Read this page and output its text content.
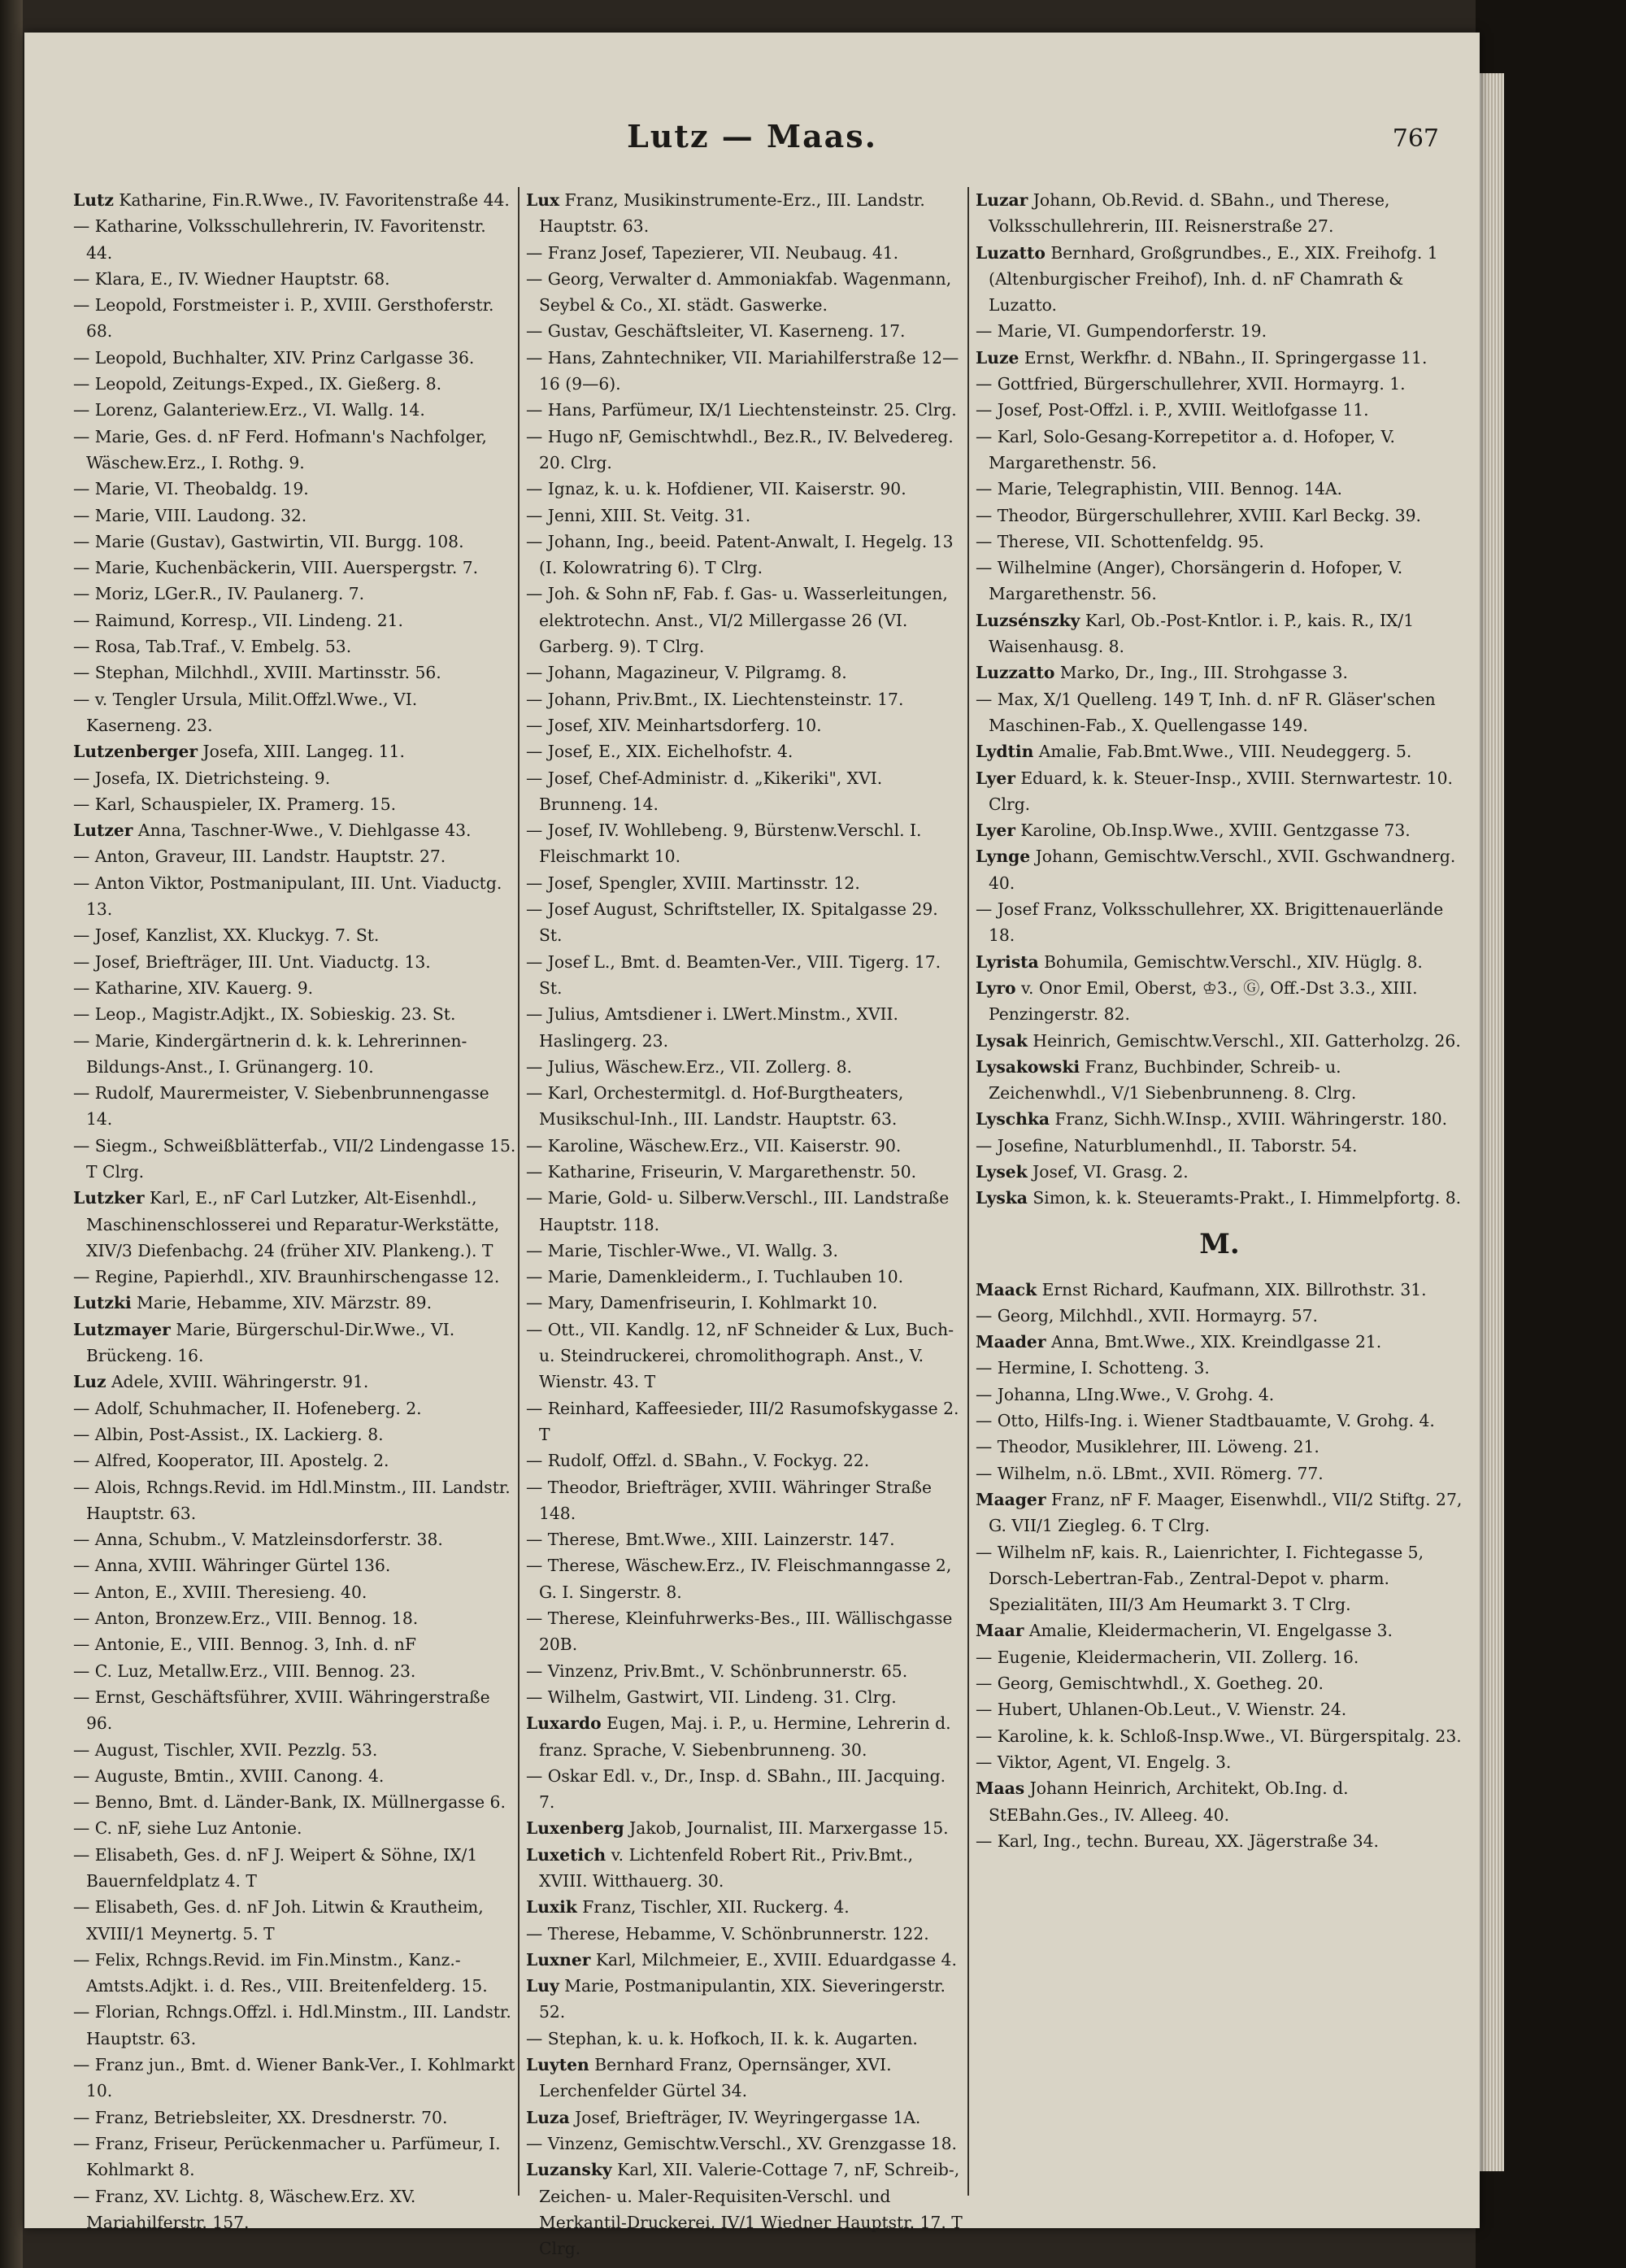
Lutz — Maas.	767

Lutz Katharine, Fin.R.Wwe., IV. Favoritenstraße 44.

— Katharine, Volksschullehrerin, IV. Favoritenstr. 44.

— Klara, E., IV. Wiedner Hauptstr. 68.

— Leopold, Forstmeister i. P., XVIII. Gersthoferstr. 68.

— Leopold, Buchhalter, XIV. Prinz Carlgasse 36.

— Leopold, Zeitungs-Exped., IX. Gießerg. 8.

— Lorenz, Galanteriew.Erz., VI. Wallg. 14.

— Marie, Ges. d. nF Ferd. Hofmann's Nachfolger, Wäschew.Erz., I. Rothg. 9.

— Marie, VI. Theobaldg. 19.

— Marie, VIII. Laudong. 32.

— Marie (Gustav), Gastwirtin, VII. Burgg. 108.

— Marie, Kuchenbäckerin, VIII. Auerspergstr. 7.

— Moriz, LGer.R., IV. Paulanerg. 7.

— Raimund, Korresp., VII. Lindeng. 21.

— Rosa, Tab.Traf., V. Embelg. 53.

— Stephan, Milchhdl., XVIII. Martinsstr. 56.

— v. Tengler Ursula, Milit.Offzl.Wwe., VI. Kaserneng. 23.

Lutzenberger Josefa, XIII. Langeg. 11.

— Josefa, IX. Dietrichsteing. 9.

— Karl, Schauspieler, IX. Pramerg. 15.

Lutzer Anna, Taschner-Wwe., V. Diehlgasse 43.

— Anton, Graveur, III. Landstr. Hauptstr. 27.

— Anton Viktor, Postmanipulant, III. Unt. Viaductg. 13.

— Josef, Kanzlist, XX. Kluckyg. 7. St.

— Josef, Briefträger, III. Unt. Viaductg. 13.

— Katharine, XIV. Kauerg. 9.

— Leop., Magistr.Adjkt., IX. Sobieskig. 23. St.

— Marie, Kindergärtnerin d. k. k. Lehrerinnen-Bildungs-Anst., I. Grünangerg. 10.

— Rudolf, Maurermeister, V. Siebenbrunnengasse 14.

— Siegm., Schweißblätterfab., VII/2 Lindengasse 15. T Clrg.

Lutzker Karl, E., nF Carl Lutzker, Alt-Eisenhdl., Maschinenschlosserei und Reparatur-Werkstätte, XIV/3 Diefenbachg. 24 (früher XIV. Plankeng.). T

— Regine, Papierhdl., XIV. Braunhirschengasse 12.

Lutzki Marie, Hebamme, XIV. Märzstr. 89.

Lutzmayer Marie, Bürgerschul-Dir.Wwe., VI. Brückeng. 16.

Luz Adele, XVIII. Währingerstr. 91.

— Adolf, Schuhmacher, II. Hofeneberg. 2.

— Albin, Post-Assist., IX. Lackierg. 8.

— Alfred, Kooperator, III. Apostelg. 2.

— Alois, Rchngs.Revid. im Hdl.Minstm., III. Landstr. Hauptstr. 63.

— Anna, Schubm., V. Matzleinsdorferstr. 38.

— Anna, XVIII. Währinger Gürtel 136.

— Anton, E., XVIII. Theresieng. 40.

— Anton, Bronzew.Erz., VIII. Bennog. 18.

— Antonie, E., VIII. Bennog. 3, Inh. d. nF

— C. Luz, Metallw.Erz., VIII. Bennog. 23.

— Ernst, Geschäftsführer, XVIII. Währingerstraße 96.

— August, Tischler, XVII. Pezzlg. 53.

— Auguste, Bmtin., XVIII. Canong. 4.

— Benno, Bmt. d. Länder-Bank, IX. Müllnergasse 6.

— C. nF, siehe Luz Antonie.

— Elisabeth, Ges. d. nF J. Weipert & Söhne, IX/1 Bauernfeldplatz 4. T

— Elisabeth, Ges. d. nF Joh. Litwin & Krautheim, XVIII/1 Meynertg. 5. T

— Felix, Rchngs.Revid. im Fin.Minstm., Kanz.-Amtsts.Adjkt. i. d. Res., VIII. Breitenfelderg. 15.

— Florian, Rchngs.Offzl. i. Hdl.Minstm., III. Landstr. Hauptstr. 63.

— Franz jun., Bmt. d. Wiener Bank-Ver., I. Kohlmarkt 10.

— Franz, Betriebsleiter, XX. Dresdnerstr. 70.

— Franz, Friseur, Perückenmacher u. Parfümeur, I. Kohlmarkt 8.

— Franz, XV. Lichtg. 8, Wäschew.Erz. XV. Mariahilferstr. 157.

Lux Franz, Musikinstrumente-Erz., III. Landstr. Hauptstr. 63.

— Franz Josef, Tapezierer, VII. Neubaug. 41.

— Georg, Verwalter d. Ammoniakfab. Wagenmann, Seybel & Co., XI. städt. Gaswerke.

— Gustav, Geschäftsleiter, VI. Kaserneng. 17.

— Hans, Zahntechniker, VII. Mariahilferstraße 12—16 (9—6).

— Hans, Parfümeur, IX/1 Liechtensteinstr. 25. Clrg.

— Hugo nF, Gemischtwhdl., Bez.R., IV. Belvedereg. 20. Clrg.

— Ignaz, k. u. k. Hofdiener, VII. Kaiserstr. 90.

— Jenni, XIII. St. Veitg. 31.

— Johann, Ing., beeid. Patent-Anwalt, I. Hegelg. 13 (I. Kolowratring 6). T Clrg.

— Joh. & Sohn nF, Fab. f. Gas- u. Wasserleitungen, elektrotechn. Anst., VI/2 Millergasse 26 (VI. Garberg. 9). T Clrg.

— Johann, Magazineur, V. Pilgramg. 8.

— Johann, Priv.Bmt., IX. Liechtensteinstr. 17.

— Josef, XIV. Meinhartsdorferg. 10.

— Josef, E., XIX. Eichelhofstr. 4.

— Josef, Chef-Administr. d. „Kikeriki", XVI. Brunneng. 14.

— Josef, IV. Wohllebeng. 9, Bürstenw.Verschl. I. Fleischmarkt 10.

— Josef, Spengler, XVIII. Martinsstr. 12.

— Josef August, Schriftsteller, IX. Spitalgasse 29. St.

— Josef L., Bmt. d. Beamten-Ver., VIII. Tigerg. 17. St.

— Julius, Amtsdiener i. LWert.Minstm., XVII. Haslingerg. 23.

— Julius, Wäschew.Erz., VII. Zollerg. 8.

— Karl, Orchestermitgl. d. Hof-Burgtheaters, Musikschul-Inh., III. Landstr. Hauptstr. 63.

— Karoline, Wäschew.Erz., VII. Kaiserstr. 90.

— Katharine, Friseurin, V. Margarethenstr. 50.

— Marie, Gold- u. Silberw.Verschl., III. Landstraße Hauptstr. 118.

— Marie, Tischler-Wwe., VI. Wallg. 3.

— Marie, Damenkleiderm., I. Tuchlauben 10.

— Mary, Damenfriseurin, I. Kohlmarkt 10.

— Ott., VII. Kandlg. 12, nF Schneider & Lux, Buch- u. Steindruckerei, chromolithograph. Anst., V. Wienstr. 43. T

— Reinhard, Kaffeesieder, III/2 Rasumofskygasse 2. T

— Rudolf, Offzl. d. SBahn., V. Fockyg. 22.

— Theodor, Briefträger, XVIII. Währinger Straße 148.

— Therese, Bmt.Wwe., XIII. Lainzerstr. 147.

— Therese, Wäschew.Erz., IV. Fleischmanngasse 2, G. I. Singerstr. 8.

— Therese, Kleinfuhrwerks-Bes., III. Wällischgasse 20B.

— Vinzenz, Priv.Bmt., V. Schönbrunnerstr. 65.

— Wilhelm, Gastwirt, VII. Lindeng. 31. Clrg.

Luxardo Eugen, Maj. i. P., u. Hermine, Lehrerin d. franz. Sprache, V. Siebenbrunneng. 30.

— Oskar Edl. v., Dr., Insp. d. SBahn., III. Jacquing. 7.

Luxenberg Jakob, Journalist, III. Marxergasse 15.

Luxetich v. Lichtenfeld Robert Rit., Priv.Bmt., XVIII. Witthauerg. 30.

Luxik Franz, Tischler, XII. Ruckerg. 4.

— Therese, Hebamme, V. Schönbrunnerstr. 122.

Luxner Karl, Milchmeier, E., XVIII. Eduardgasse 4.

Luy Marie, Postmanipulantin, XIX. Sieveringerstr. 52.

— Stephan, k. u. k. Hofkoch, II. k. k. Augarten.

Luyten Bernhard Franz, Opernsänger, XVI. Lerchenfelder Gürtel 34.

Luza Josef, Briefträger, IV. Weyringergasse 1A.

— Vinzenz, Gemischtw.Verschl., XV. Grenzgasse 18.

Luzansky Karl, XII. Valerie-Cottage 7, nF, Schreib-, Zeichen- u. Maler-Requisiten-Verschl. und Merkantil-Druckerei, IV/1 Wiedner Hauptstr. 17. T Clrg.

Luzar Johann, Ob.Revid. d. SBahn., und Therese, Volksschullehrerin, III. Reisnerstraße 27.

Luzatto Bernhard, Großgrundbes., E., XIX. Freihofg. 1 (Altenburgischer Freihof), Inh. d. nF Chamrath & Luzatto.

— Marie, VI. Gumpendorferstr. 19.

Luze Ernst, Werkfhr. d. NBahn., II. Springergasse 11.

— Gottfried, Bürgerschullehrer, XVII. Hormayrg. 1.

— Josef, Post-Offzl. i. P., XVIII. Weitlofgasse 11.

— Karl, Solo-Gesang-Korrepetitor a. d. Hofoper, V. Margarethenstr. 56.

— Marie, Telegraphistin, VIII. Bennog. 14A.

— Theodor, Bürgerschullehrer, XVIII. Karl Beckg. 39.

— Therese, VII. Schottenfeldg. 95.

— Wilhelmine (Anger), Chorsängerin d. Hofoper, V. Margarethenstr. 56.

Luzsénszky Karl, Ob.-Post-Kntlor. i. P., kais. R., IX/1 Waisenhausg. 8.

Luzzatto Marko, Dr., Ing., III. Strohgasse 3.

— Max, X/1 Quelleng. 149 T, Inh. d. nF R. Gläser'schen Maschinen-Fab., X. Quellengasse 149.

Lydtin Amalie, Fab.Bmt.Wwe., VIII. Neudeggerg. 5.

Lyer Eduard, k. k. Steuer-Insp., XVIII. Sternwartestr. 10. Clrg.

Lyer Karoline, Ob.Insp.Wwe., XVIII. Gentzgasse 73.

Lynge Johann, Gemischtw.Verschl., XVII. Gschwandnerg. 40.

— Josef Franz, Volksschullehrer, XX. Brigittenauerlände 18.

Lyrista Bohumila, Gemischtw.Verschl., XIV. Hüglg. 8.

Lyro v. Onor Emil, Oberst, ♔3., Ⓖ, Off.-Dst 3.3., XIII. Penzingerstr. 82.

Lysak Heinrich, Gemischtw.Verschl., XII. Gatterholzg. 26.

Lysakowski Franz, Buchbinder, Schreib- u. Zeichenwhdl., V/1 Siebenbrunneng. 8. Clrg.

Lyschka Franz, Sichh.W.Insp., XVIII. Währingerstr. 180.

— Josefine, Naturblumenhdl., II. Taborstr. 54.

Lysek Josef, VI. Grasg. 2.

Lyska Simon, k. k. Steueramts-Prakt., I. Himmelpfortg. 8.

M.

Maack Ernst Richard, Kaufmann, XIX. Billrothstr. 31.

— Georg, Milchhdl., XVII. Hormayrg. 57.

Maader Anna, Bmt.Wwe., XIX. Kreindlgasse 21.

— Hermine, I. Schotteng. 3.

— Johanna, LIng.Wwe., V. Grohg. 4.

— Otto, Hilfs-Ing. i. Wiener Stadtbauamte, V. Grohg. 4.

— Theodor, Musiklehrer, III. Löweng. 21.

— Wilhelm, n.ö. LBmt., XVII. Römerg. 77.

Maager Franz, nF F. Maager, Eisenwhdl., VII/2 Stiftg. 27, G. VII/1 Ziegleg. 6. T Clrg.

— Wilhelm nF, kais. R., Laienrichter, I. Fichtegasse 5, Dorsch-Lebertran-Fab., Zentral-Depot v. pharm. Spezialitäten, III/3 Am Heumarkt 3. T Clrg.

Maar Amalie, Kleidermacherin, VI. Engelgasse 3.

— Eugenie, Kleidermacherin, VII. Zollerg. 16.

— Georg, Gemischtwhdl., X. Goetheg. 20.

— Hubert, Uhlanen-Ob.Leut., V. Wienstr. 24.

— Karoline, k. k. Schloß-Insp.Wwe., VI. Bürgerspitalg. 23.

— Viktor, Agent, VI. Engelg. 3.

Maas Johann Heinrich, Architekt, Ob.Ing. d. StEBahn.Ges., IV. Alleeg. 40.

— Karl, Ing., techn. Bureau, XX. Jägerstraße 34.
